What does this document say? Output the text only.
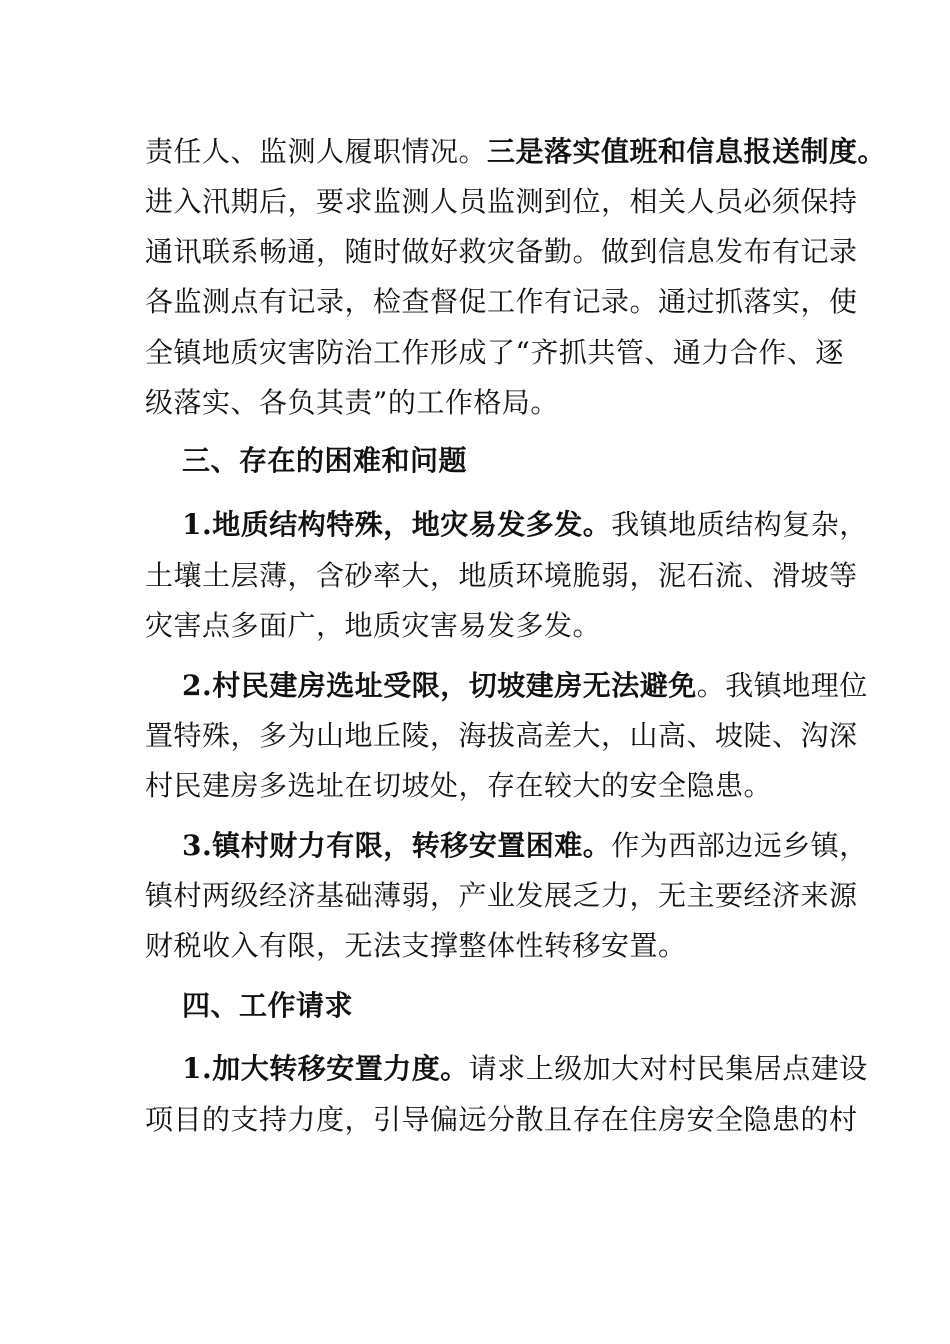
责任人、监测人履职情况。三是落实值班和信息报送制度。
进入汛期后，要求监测人员监测到位，相关人员必须保持
通讯联系畅通，随时做好救灾备勤。做到信息发布有记录
各监测点有记录，检查督促工作有记录。通过抓落实，使
全镇地质灾害防治工作形成了“齐抓共管、通力合作、逐
级落实、各负其责”的工作格局。
三、存在的困难和问题
1.地质结构特殊，地灾易发多发。我镇地质结构复杂，
土壤土层薄，含砂率大，地质环境脆弱，泥石流、滑坡等
灾害点多面广，地质灾害易发多发。
2.村民建房选址受限，切坡建房无法避免。我镇地理位
置特殊，多为山地丘陵，海拔高差大，山高、坡陡、沟深
村民建房多选址在切坡处，存在较大的安全隐患。
3.镇村财力有限，转移安置困难。作为西部边远乡镇，
镇村两级经济基础薄弱，产业发展乏力，无主要经济来源
财税收入有限，无法支撑整体性转移安置。
四、工作请求
1.加大转移安置力度。请求上级加大对村民集居点建设
项目的支持力度，引导偏远分散且存在住房安全隐患的村
